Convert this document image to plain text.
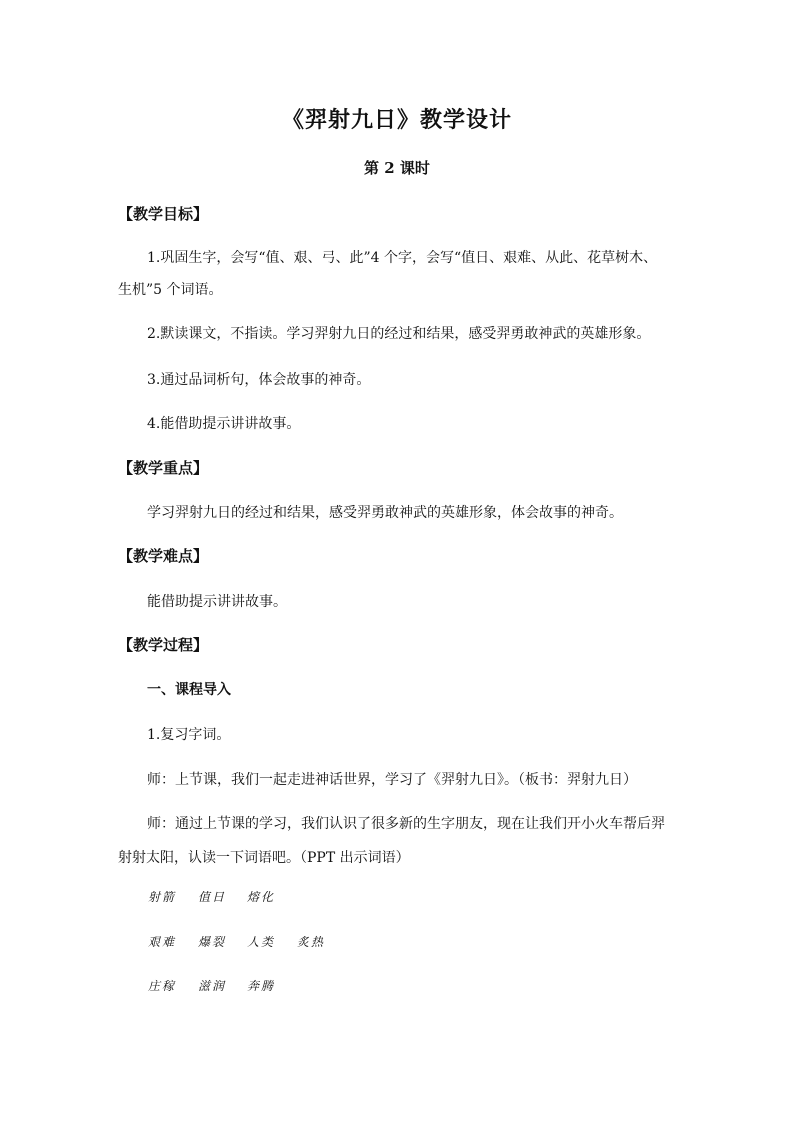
《羿射九日》教学设计
第 2 课时
【教学目标】
1.巩固生字，会写“值、艰、弓、此”4 个字，会写“值日、艰难、从此、花草树木、
生机”5 个词语。
2.默读课文，不指读。学习羿射九日的经过和结果，感受羿勇敢神武的英雄形象。
3.通过品词析句，体会故事的神奇。
4.能借助提示讲讲故事。
【教学重点】
学习羿射九日的经过和结果，感受羿勇敢神武的英雄形象，体会故事的神奇。
【教学难点】
能借助提示讲讲故事。
【教学过程】
一、课程导入
1.复习字词。
师：上节课，我们一起走进神话世界，学习了《羿射九日》。（板书：羿射九日）
师：通过上节课的学习，我们认识了很多新的生字朋友，现在让我们开小火车帮后羿
射射太阳，认读一下词语吧。（PPT 出示词语）
射箭 值日 熔化
艰难 爆裂 人类 炙热
庄稼 滋润 奔腾
